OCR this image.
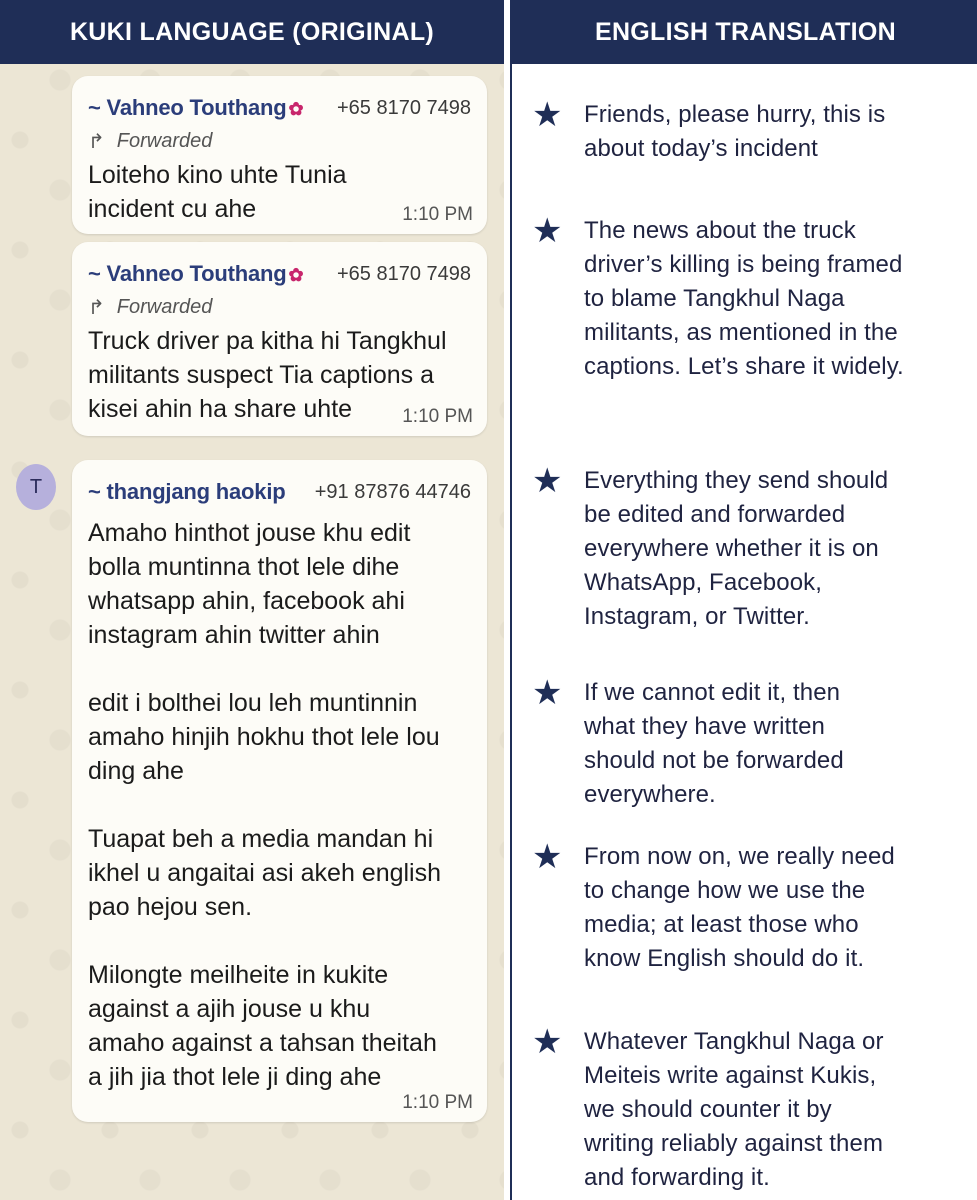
KUKI LANGUAGE (ORIGINAL)
~ Vahneo Touthang ✿ +65 8170 7498
↱ Forwarded
Loiteho kino uhte Tunia incident cu ahe	1:10 PM
~ Vahneo Touthang ✿ +65 8170 7498
↱ Forwarded
Truck driver pa kitha hi Tangkhul militants suspect Tia captions a kisei ahin ha share uhte	1:10 PM
T	~ thangjang haokip +91 87876 44746
Amaho hinthot jouse khu edit bolla muntinna thot lele dihe whatsapp ahin, facebook ahi instagram ahin twitter ahin
edit i bolthei lou leh muntinnin amaho hinjih hokhu thot lele lou ding ahe
Tuapat beh a media mandan hi ikhel u angaitai asi akeh english pao hejou sen.
Milongte meilheite in kukite against a ajih jouse u khu amaho against a tahsan theitah a jih jia thot lele ji ding ahe
1:10 PM
ENGLISH TRANSLATION
★ Friends, please hurry, this is about today’s incident
★ The news about the truck driver’s killing is being framed to blame Tangkhul Naga militants, as mentioned in the captions. Let’s share it widely.
★ Everything they send should be edited and forwarded everywhere whether it is on WhatsApp, Facebook, Instagram, or Twitter.
★ If we cannot edit it, then what they have written should not be forwarded everywhere.
★ From now on, we really need to change how we use the media; at least those who know English should do it.
★ Whatever Tangkhul Naga or Meiteis write against Kukis, we should counter it by writing reliably against them and forwarding it.
